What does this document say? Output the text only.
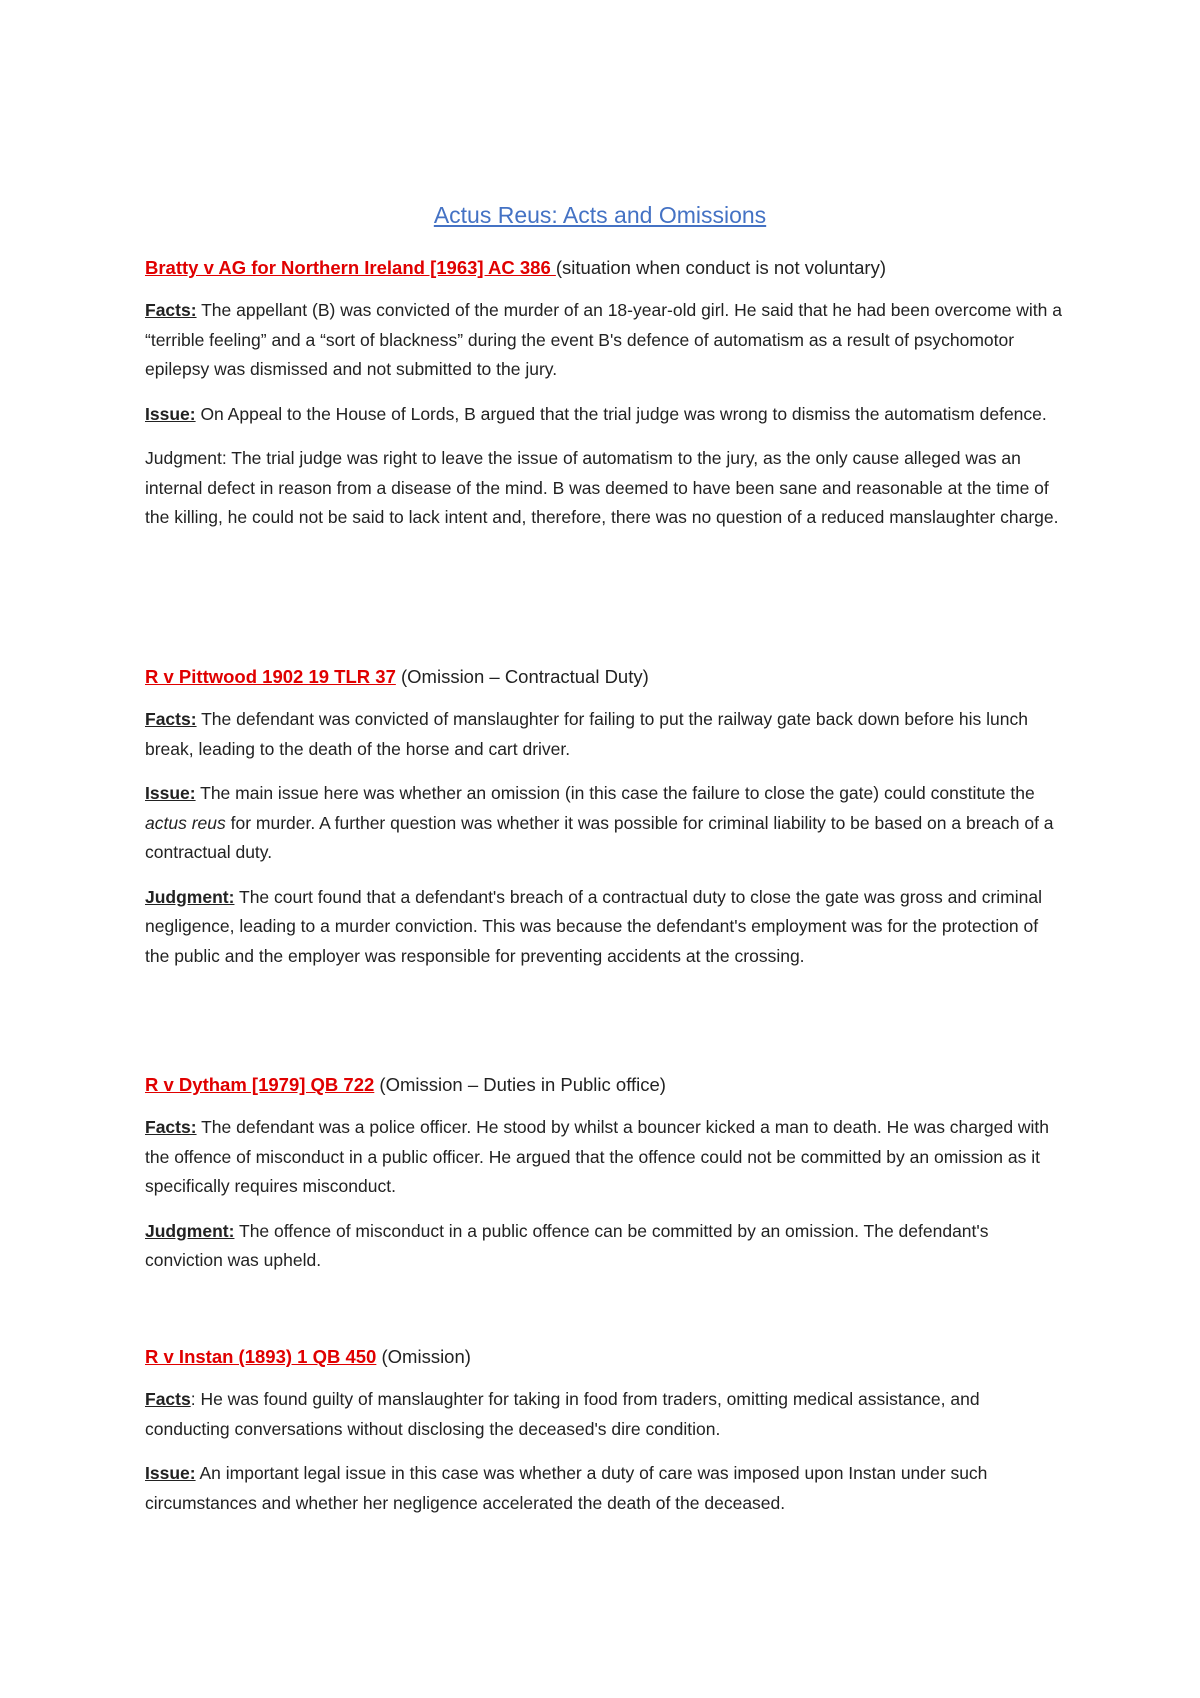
Actus Reus: Acts and Omissions

Bratty v AG for Northern Ireland [1963] AC 386 (situation when conduct is not voluntary)

Facts: The appellant (B) was convicted of the murder of an 18-year-old girl. He said that he had been overcome with a “terrible feeling” and a “sort of blackness” during the event B's defence of automatism as a result of psychomotor epilepsy was dismissed and not submitted to the jury.

Issue: On Appeal to the House of Lords, B argued that the trial judge was wrong to dismiss the automatism defence.

Judgment: The trial judge was right to leave the issue of automatism to the jury, as the only cause alleged was an internal defect in reason from a disease of the mind. B was deemed to have been sane and reasonable at the time of the killing, he could not be said to lack intent and, therefore, there was no question of a reduced manslaughter charge.

R v Pittwood 1902 19 TLR 37 (Omission – Contractual Duty)

Facts: The defendant was convicted of manslaughter for failing to put the railway gate back down before his lunch break, leading to the death of the horse and cart driver.

Issue: The main issue here was whether an omission (in this case the failure to close the gate) could constitute the actus reus for murder. A further question was whether it was possible for criminal liability to be based on a breach of a contractual duty.

Judgment: The court found that a defendant's breach of a contractual duty to close the gate was gross and criminal negligence, leading to a murder conviction. This was because the defendant's employment was for the protection of the public and the employer was responsible for preventing accidents at the crossing.

R v Dytham [1979] QB 722 (Omission – Duties in Public office)

Facts: The defendant was a police officer. He stood by whilst a bouncer kicked a man to death. He was charged with the offence of misconduct in a public officer. He argued that the offence could not be committed by an omission as it specifically requires misconduct.

Judgment: The offence of misconduct in a public offence can be committed by an omission. The defendant's conviction was upheld.

R v Instan (1893) 1 QB 450 (Omission)

Facts: He was found guilty of manslaughter for taking in food from traders, omitting medical assistance, and conducting conversations without disclosing the deceased's dire condition.

Issue: An important legal issue in this case was whether a duty of care was imposed upon Instan under such circumstances and whether her negligence accelerated the death of the deceased.
